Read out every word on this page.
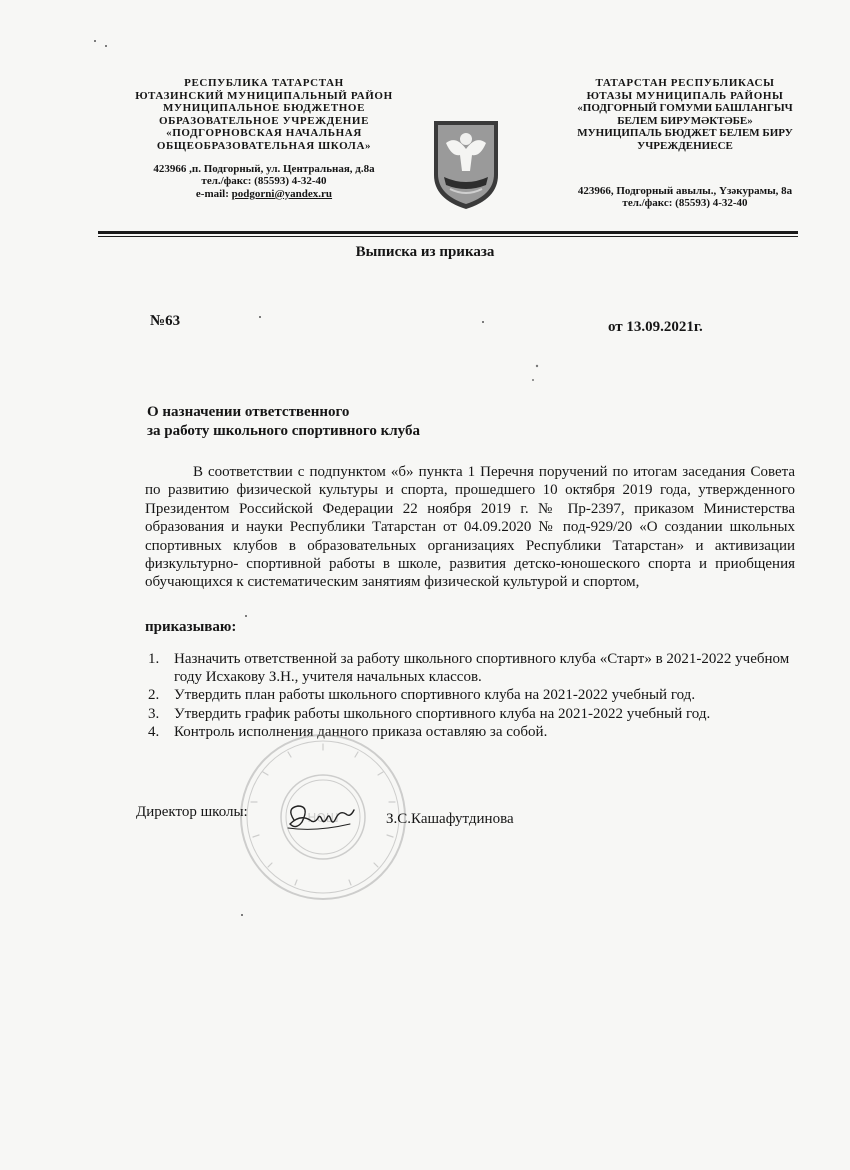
РЕСПУБЛИКА ТАТАРСТАН
ЮТАЗИНСКИЙ МУНИЦИПАЛЬНЫЙ РАЙОН
МУНИЦИПАЛЬНОЕ БЮДЖЕТНОЕ
ОБРАЗОВАТЕЛЬНОЕ УЧРЕЖДЕНИЕ
«ПОДГОРНОВСКАЯ НАЧАЛЬНАЯ
ОБЩЕОБРАЗОВАТЕЛЬНАЯ ШКОЛА»
423966 ,п. Подгорный, ул. Центральная, д.8а
тел./факс: (85593) 4-32-40
e-mail: podgorni@yandex.ru
ТАТАРСТАН РЕСПУБЛИКАСЫ
ЮТАЗЫ МУНИЦИПАЛЬ РАЙОНЫ
«ПОДГОРНЫЙ ГОМУМИ БАШЛАНГЫЧ
БЕЛЕМ БИРУМƏКТƏБЕ»
МУНИЦИПАЛЬ БЮДЖЕТ БЕЛЕМ БИРУ
УЧРЕЖДЕНИЕСЕ
423966, Подгорный авылы., Үзəкурамы, 8а
тел./факс: (85593) 4-32-40
Выписка из приказа
№63	от 13.09.2021г.
О назначении ответственного
за работу школьного спортивного клуба
В соответствии с подпунктом «б» пункта 1 Перечня поручений по итогам заседания Совета по развитию физической культуры и спорта, прошедшего 10 октября 2019 года, утвержденного Президентом Российской Федерации 22 ноября 2019 г. № Пр-2397, приказом Министерства образования и науки Республики Татарстан от 04.09.2020 № под-929/20 «О создании школьных спортивных клубов в образовательных организациях Республики Татарстан» и активизации физкультурно- спортивной работы в школе, развития детско-юношеского спорта и приобщения обучающихся к систематическим занятиям физической культурой и спортом,
приказываю:
1. Назначить ответственной за работу школьного спортивного клуба «Старт» в 2021-2022 учебном году Исхакову З.Н., учителя начальных классов.
2. Утвердить план работы школьного спортивного клуба на 2021-2022 учебный год.
3. Утвердить график работы школьного спортивного клуба на 2021-2022 учебный год.
4. Контроль исполнения данного приказа оставляю за собой.
НОШ
Директор школы:	З.С.Кашафутдинова
